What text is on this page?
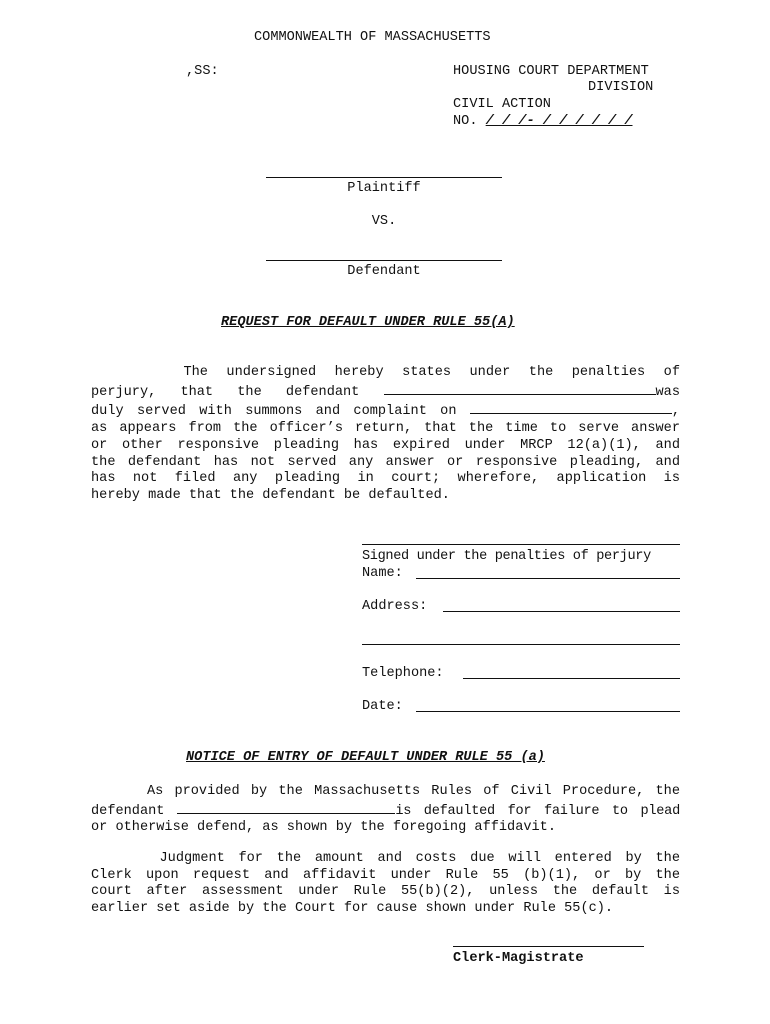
COMMONWEALTH OF MASSACHUSETTS
,SS:	HOUSING COURT DEPARTMENT
DIVISION
CIVIL ACTION
NO. / / /- / / / / / /
Plaintiff
VS.
Defendant
REQUEST FOR DEFAULT UNDER RULE 55(A)
The undersigned hereby states under the penalties of
perjury, that the defendant	was
duly served with summons and complaint on	,
as appears from the officer’s return, that the time to serve answer
or other responsive pleading has expired under MRCP 12(a)(1), and
the defendant has not served any answer or responsive pleading, and
has not filed any pleading in court; wherefore, application is
hereby made that the defendant be defaulted.
Signed under the penalties of perjury
Name:
Address:
Telephone:
Date:
NOTICE OF ENTRY OF DEFAULT UNDER RULE 55 (a)
As provided by the Massachusetts Rules of Civil Procedure, the
defendant	is defaulted for failure to plead
or otherwise defend, as shown by the foregoing affidavit.
Judgment for the amount and costs due will entered by the
Clerk upon request and affidavit under Rule 55 (b)(1), or by the
court after assessment under Rule 55(b)(2), unless the default is
earlier set aside by the Court for cause shown under Rule 55(c).
Clerk-Magistrate
